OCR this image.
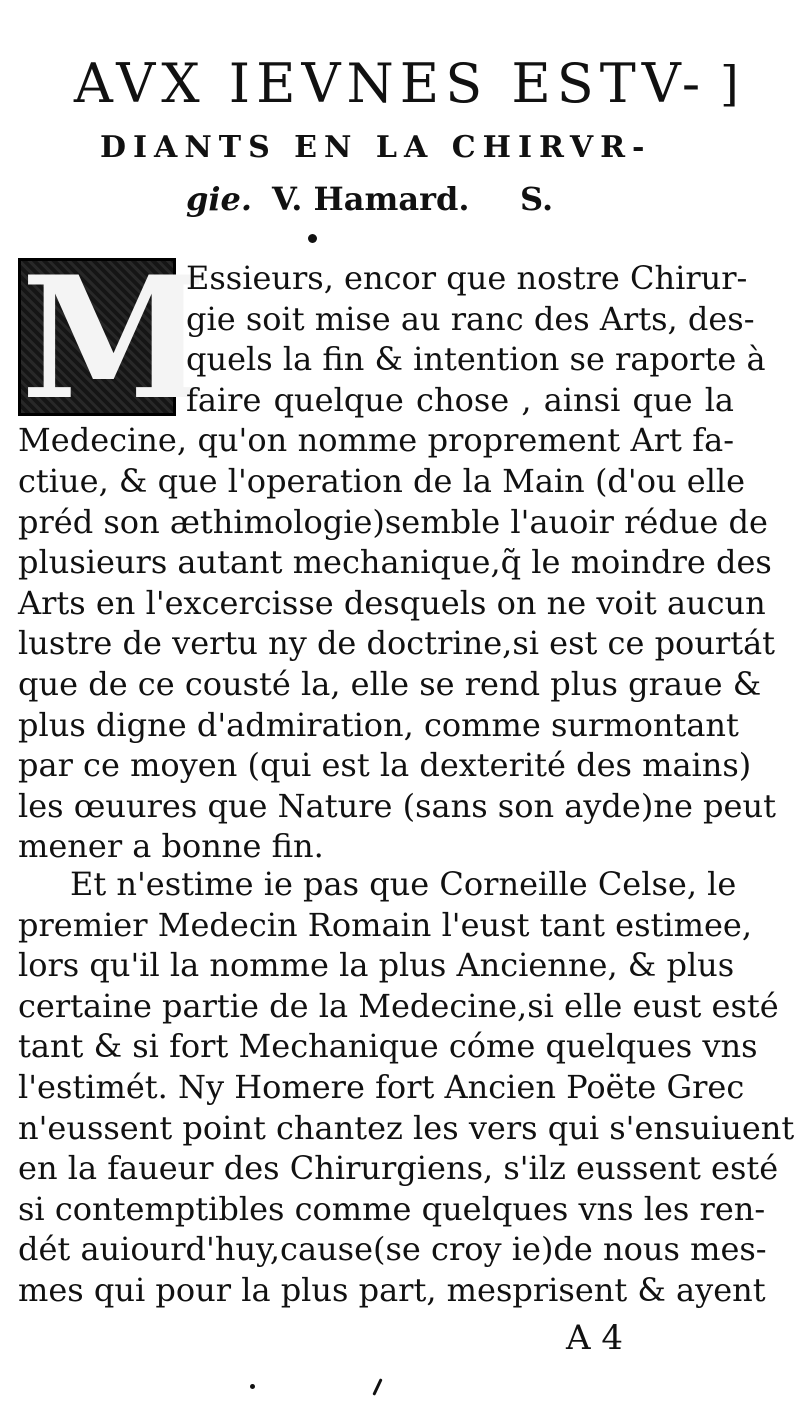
AVX IEVNES ESTV- ]
DIANTS EN LA CHIRVR-
gie. V. Hamard. S.
M
Essieurs, encor que nostre Chirur-
gie soit mise au ranc des Arts, des-
quels la fin & intention se raporte à
faire quelque chose , ainsi que la
Medecine, qu'on nomme proprement Art fa-
ctiue, & que l'operation de la Main (d'ou elle
préd son æthimologie)semble l'auoir rédue de
plusieurs autant mechanique,q̃ le moindre des
Arts en l'excercisse desquels on ne voit aucun
lustre de vertu ny de doctrine,si est ce pourtát
que de ce cousté la, elle se rend plus graue &
plus digne d'admiration, comme surmontant
par ce moyen (qui est la dexterité des mains)
les œuures que Nature (sans son ayde)ne peut
mener a bonne fin.
Et n'estime ie pas que Corneille Celse, le
premier Medecin Romain l'eust tant estimee,
lors qu'il la nomme la plus Ancienne, & plus
certaine partie de la Medecine,si elle eust esté
tant & si fort Mechanique cóme quelques vns
l'estimét. Ny Homere fort Ancien Poëte Grec
n'eussent point chantez les vers qui s'ensuiuent
en la faueur des Chirurgiens, s'ilz eussent esté
si contemptibles comme quelques vns les ren-
dét auiourd'huy,cause(se croy ie)de nous mes-
mes qui pour la plus part, mesprisent & ayent
A 4
